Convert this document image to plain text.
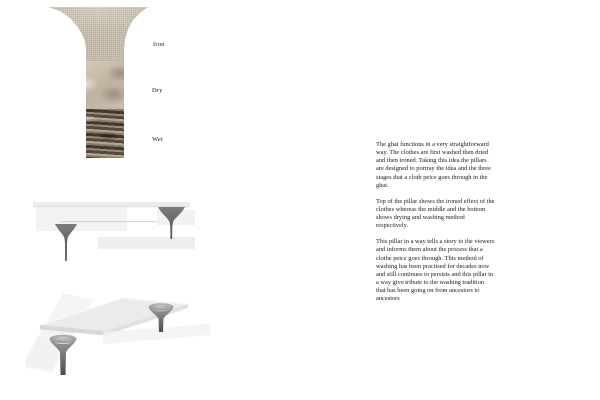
Iron
Dry
Wet

The ghat functions in a very straightforward way. The clothes are first washed then dried and then ironed. Taking this idea the pillars are designed to portray the idea and the three stages that a cloth peice goes through in the ghat.

Top of the pillar shows the ironed effect of the clothes whereas the middle and the bottom shows drying and washing method respectively.

This pillar in a way tells a story to the viewers and informs them about the process that a clothe peice goes through. This method of washing has been practised for decades now and still continues to persists and this pillar in a way give tribute to the washing tradition that has been going on from ancestors to ancestors
